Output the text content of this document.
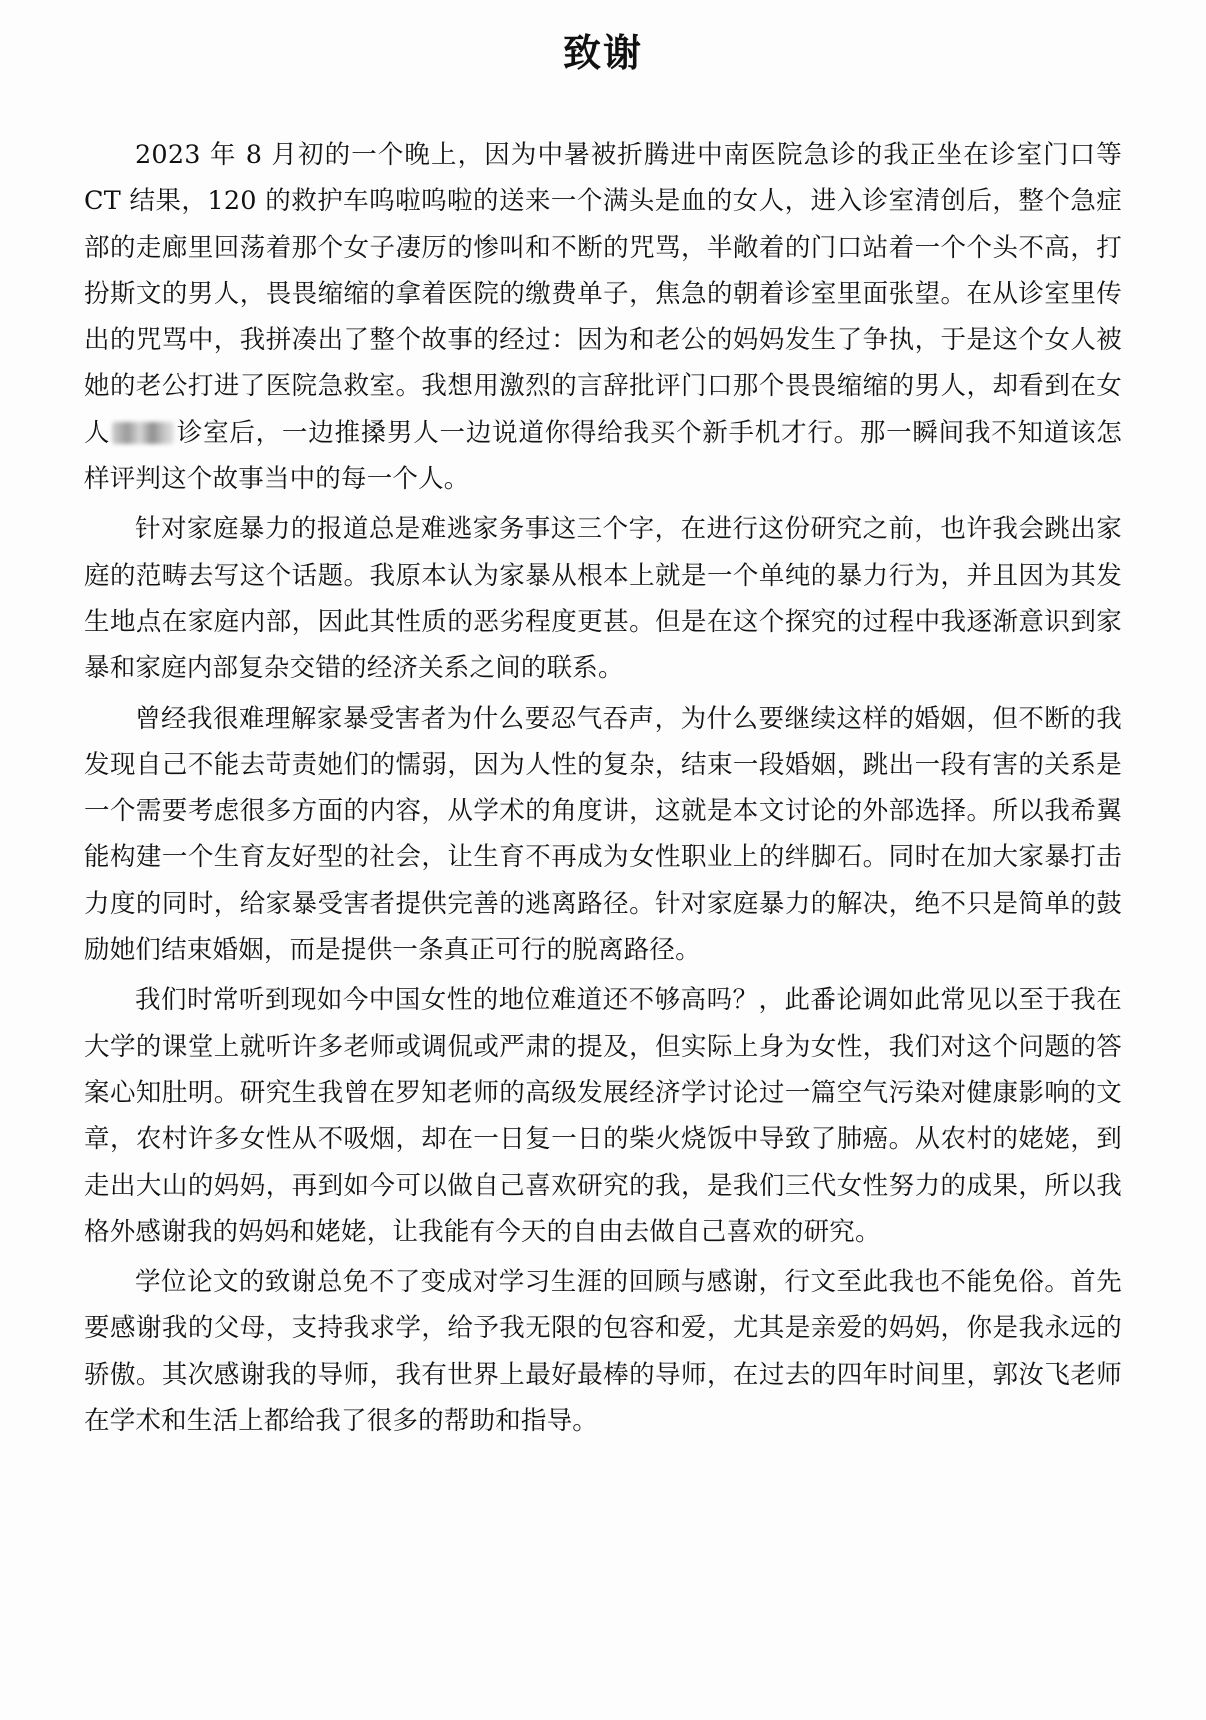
致谢

2023 年 8 月初的一个晚上，因为中暑被折腾进中南医院急诊的我正坐在诊室门口等 CT 结果，120 的救护车呜啦呜啦的送来一个满头是血的女人，进入诊室清创后，整个急症部的走廊里回荡着那个女子凄厉的惨叫和不断的咒骂，半敞着的门口站着一个个头不高，打扮斯文的男人，畏畏缩缩的拿着医院的缴费单子，焦急的朝着诊室里面张望。在从诊室里传出的咒骂中，我拼凑出了整个故事的经过：因为和老公的妈妈发生了争执，于是这个女人被她的老公打进了医院急救室。我想用激烈的言辞批评门口那个畏畏缩缩的男人，却看到在女人	诊室后，一边推搡男人一边说道你得给我买个新手机才行。那一瞬间我不知道该怎样评判这个故事当中的每一个人。

针对家庭暴力的报道总是难逃家务事这三个字，在进行这份研究之前，也许我会跳出家庭的范畴去写这个话题。我原本认为家暴从根本上就是一个单纯的暴力行为，并且因为其发生地点在家庭内部，因此其性质的恶劣程度更甚。但是在这个探究的过程中我逐渐意识到家暴和家庭内部复杂交错的经济关系之间的联系。

曾经我很难理解家暴受害者为什么要忍气吞声，为什么要继续这样的婚姻，但不断的我发现自己不能去苛责她们的懦弱，因为人性的复杂，结束一段婚姻，跳出一段有害的关系是一个需要考虑很多方面的内容，从学术的角度讲，这就是本文讨论的外部选择。所以我希翼能构建一个生育友好型的社会，让生育不再成为女性职业上的绊脚石。同时在加大家暴打击力度的同时，给家暴受害者提供完善的逃离路径。针对家庭暴力的解决，绝不只是简单的鼓励她们结束婚姻，而是提供一条真正可行的脱离路径。

我们时常听到现如今中国女性的地位难道还不够高吗？，此番论调如此常见以至于我在大学的课堂上就听许多老师或调侃或严肃的提及，但实际上身为女性，我们对这个问题的答案心知肚明。研究生我曾在罗知老师的高级发展经济学讨论过一篇空气污染对健康影响的文章，农村许多女性从不吸烟，却在一日复一日的柴火烧饭中导致了肺癌。从农村的姥姥，到走出大山的妈妈，再到如今可以做自己喜欢研究的我，是我们三代女性努力的成果，所以我格外感谢我的妈妈和姥姥，让我能有今天的自由去做自己喜欢的研究。

学位论文的致谢总免不了变成对学习生涯的回顾与感谢，行文至此我也不能免俗。首先要感谢我的父母，支持我求学，给予我无限的包容和爱，尤其是亲爱的妈妈，你是我永远的骄傲。其次感谢我的导师，我有世界上最好最棒的导师，在过去的四年时间里，郭汝飞老师在学术和生活上都给我了很多的帮助和指导。
